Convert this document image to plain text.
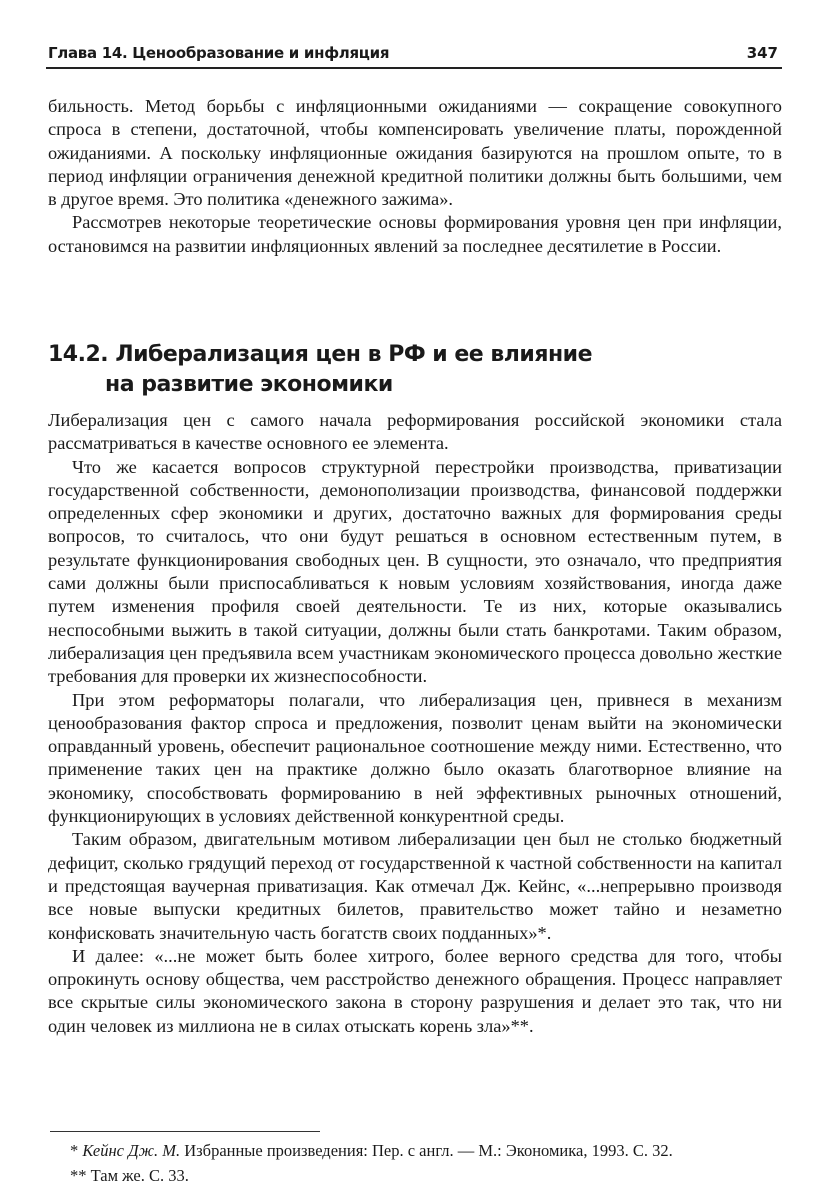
Глава 14. Ценообразование и инфляция	347

бильность. Метод борьбы с инфляционными ожиданиями — сокращение совокупного спроса в степени, достаточной, чтобы компенсировать увеличение платы, порожденной ожиданиями. А поскольку инфляционные ожидания базируются на прошлом опыте, то в период инфляции ограничения денежной кредитной политики должны быть большими, чем в другое время. Это политика «денежного зажима».

Рассмотрев некоторые теоретические основы формирования уровня цен при инфляции, остановимся на развитии инфляционных явлений за последнее десятилетие в России.

14.2. Либерализация цен в РФ и ее влияние
на развитие экономики

Либерализация цен с самого начала реформирования российской экономики стала рассматриваться в качестве основного ее элемента.

Что же касается вопросов структурной перестройки производства, приватизации государственной собственности, демонополизации производства, финансовой поддержки определенных сфер экономики и других, достаточно важных для формирования среды вопросов, то считалось, что они будут решаться в основном естественным путем, в результате функционирования свободных цен. В сущности, это означало, что предприятия сами должны были приспосабливаться к новым условиям хозяйствования, иногда даже путем изменения профиля своей деятельности. Те из них, которые оказывались неспособными выжить в такой ситуации, должны были стать банкротами. Таким образом, либерализация цен предъявила всем участникам экономического процесса довольно жесткие требования для проверки их жизнеспособности.

При этом реформаторы полагали, что либерализация цен, привнеся в механизм ценообразования фактор спроса и предложения, позволит ценам выйти на экономически оправданный уровень, обеспечит рациональное соотношение между ними. Естественно, что применение таких цен на практике должно было оказать благотворное влияние на экономику, способствовать формированию в ней эффективных рыночных отношений, функционирующих в условиях действенной конкурентной среды.

Таким образом, двигательным мотивом либерализации цен был не столько бюджетный дефицит, сколько грядущий переход от государственной к частной собственности на капитал и предстоящая ваучерная приватизация. Как отмечал Дж. Кейнс, «...непрерывно производя все новые выпуски кредитных билетов, правительство может тайно и незаметно конфисковать значительную часть богатств своих подданных»*.

И далее: «...не может быть более хитрого, более верного средства для того, чтобы опрокинуть основу общества, чем расстройство денежного обращения. Процесс направляет все скрытые силы экономического закона в сторону разрушения и делает это так, что ни один человек из миллиона не в силах отыскать корень зла»**.

* Кейнс Дж. М. Избранные произведения: Пер. с англ. — М.: Экономика, 1993. С. 32.
** Там же. С. 33.
